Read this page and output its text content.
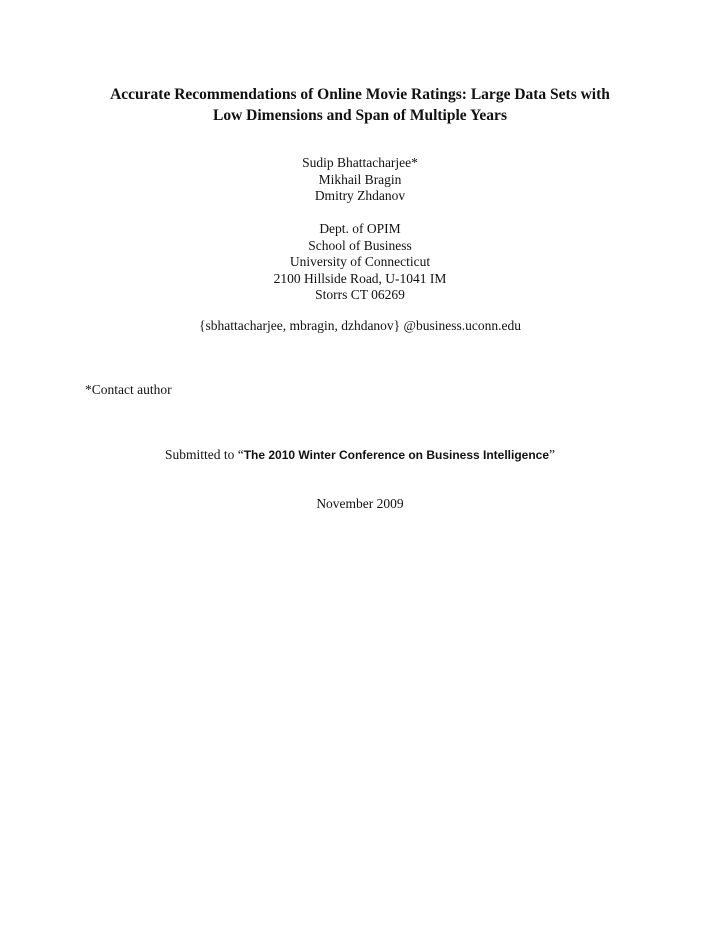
Accurate Recommendations of Online Movie Ratings: Large Data Sets with
Low Dimensions and Span of Multiple Years
Sudip Bhattacharjee*
Mikhail Bragin
Dmitry Zhdanov
Dept. of OPIM
School of Business
University of Connecticut
2100 Hillside Road, U-1041 IM
Storrs CT 06269
{sbhattacharjee, mbragin, dzhdanov} @business.uconn.edu
*Contact author
Submitted to “The 2010 Winter Conference on Business Intelligence”
November 2009
